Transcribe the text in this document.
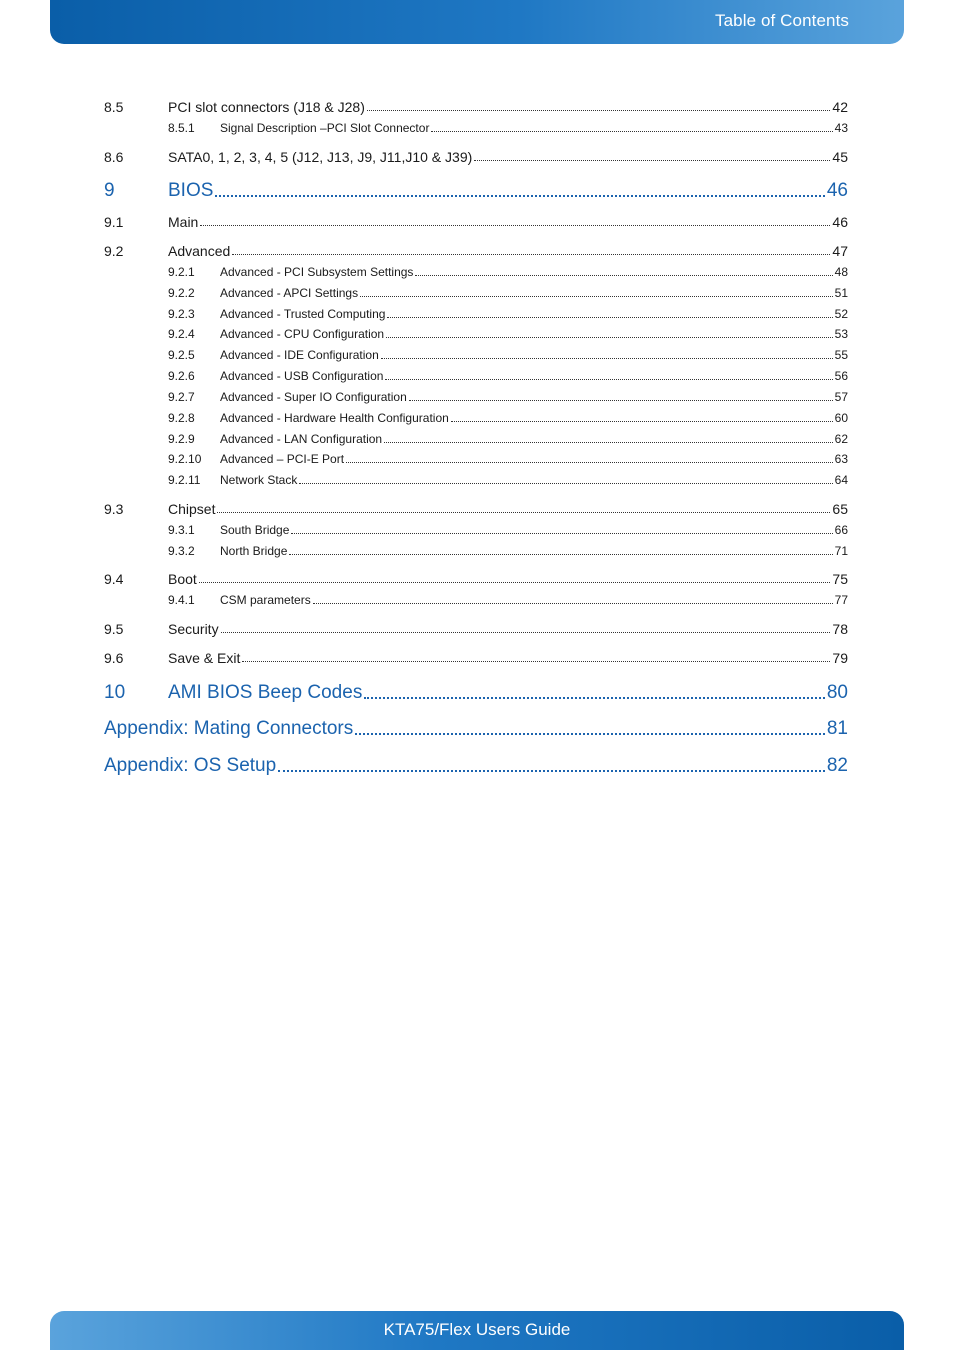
Table of Contents
8.5	PCI slot connectors (J18 & J28)	42
8.5.1	Signal Description –PCI Slot Connector	43
8.6	SATA0, 1, 2, 3, 4, 5 (J12, J13, J9, J11,J10 & J39)	45
9	BIOS	46
9.1	Main	46
9.2	Advanced	47
9.2.1	Advanced - PCI Subsystem Settings	48
9.2.2	Advanced - APCI Settings	51
9.2.3	Advanced - Trusted Computing	52
9.2.4	Advanced - CPU Configuration	53
9.2.5	Advanced - IDE Configuration	55
9.2.6	Advanced - USB Configuration	56
9.2.7	Advanced - Super IO Configuration	57
9.2.8	Advanced - Hardware Health Configuration	60
9.2.9	Advanced - LAN Configuration	62
9.2.10	Advanced – PCI-E Port	63
9.2.11	Network Stack	64
9.3	Chipset	65
9.3.1	South Bridge	66
9.3.2	North Bridge	71
9.4	Boot	75
9.4.1	CSM parameters	77
9.5	Security	78
9.6	Save & Exit	79
10	AMI BIOS Beep Codes	80
Appendix: Mating Connectors	81
Appendix: OS Setup	82
KTA75/Flex Users Guide
